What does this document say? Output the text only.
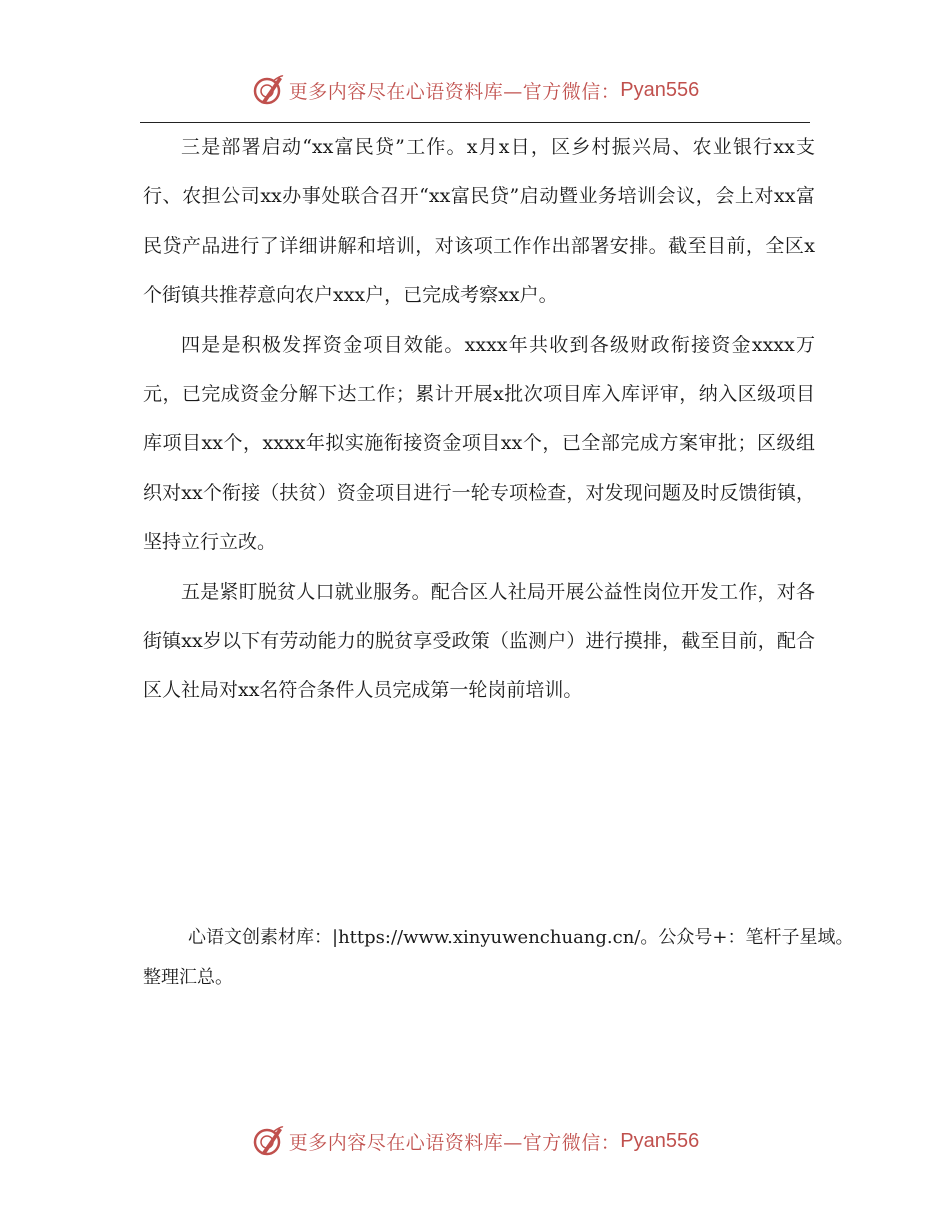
更多内容尽在心语资料库—官方微信： Pyan556

三是部署启动“xx富民贷”工作。x月x日，区乡村振兴局、农业银行xx支行、农担公司xx办事处联合召开“xx富民贷”启动暨业务培训会议，会上对xx富民贷产品进行了详细讲解和培训，对该项工作作出部署安排。截至目前，全区x个街镇共推荐意向农户xxx户，已完成考察xx户。

四是是积极发挥资金项目效能。xxxx年共收到各级财政衔接资金xxxx万元，已完成资金分解下达工作；累计开展x批次项目库入库评审，纳入区级项目库项目xx个，xxxx年拟实施衔接资金项目xx个，已全部完成方案审批；区级组织对xx个衔接（扶贫）资金项目进行一轮专项检查，对发现问题及时反馈街镇，坚持立行立改。

五是紧盯脱贫人口就业服务。配合区人社局开展公益性岗位开发工作，对各街镇xx岁以下有劳动能力的脱贫享受政策（监测户）进行摸排，截至目前，配合区人社局对xx名符合条件人员完成第一轮岗前培训。

心语文创素材库：|https://www.xinyuwenchuang.cn/。公众号+：笔杆子星域。
整理汇总。
更多内容尽在心语资料库—官方微信： Pyan556
